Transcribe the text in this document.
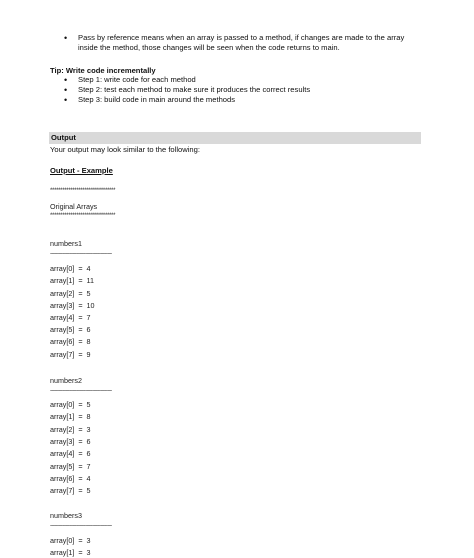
• Pass by reference means when an array is passed to a method, if changes are made to the array inside the method, those changes will be seen when the code returns to main.
Tip: Write code incrementally
• Step 1: write code for each method
• Step 2: test each method to make sure it produces the correct results
• Step 3: build code in main around the methods
Output
Your output may look similar to the following:
Output - Example
********************************
Original Arrays
********************************
numbers1
--------------------------------------------
array[0]  =  4
array[1]  =  11
array[2]  =  5
array[3]  =  10
array[4]  =  7
array[5]  =  6
array[6]  =  8
array[7]  =  9
numbers2
--------------------------------------------
array[0]  =  5
array[1]  =  8
array[2]  =  3
array[3]  =  6
array[4]  =  6
array[5]  =  7
array[6]  =  4
array[7]  =  5
numbers3
--------------------------------------------
array[0]  =  3
array[1]  =  3
